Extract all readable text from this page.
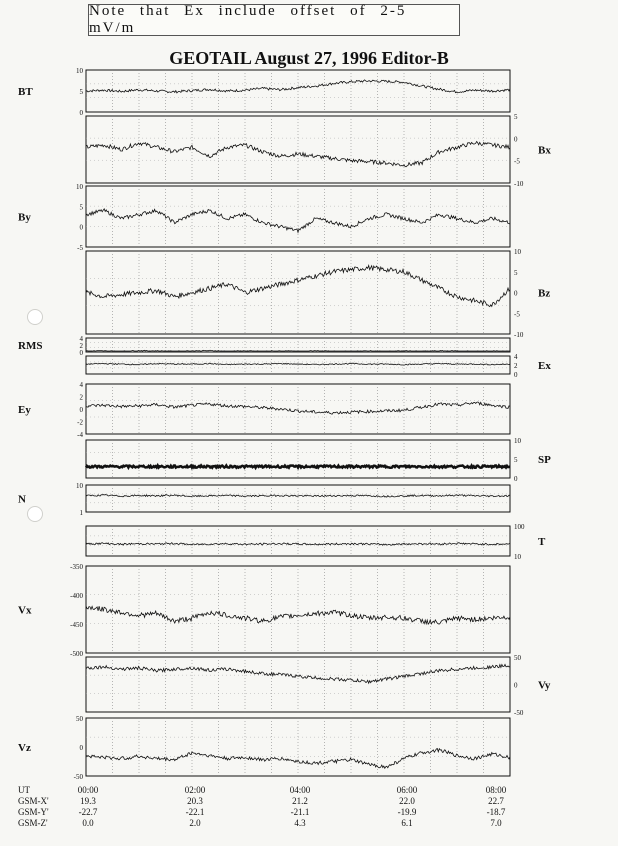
Note that Ex include offset of 2-5 mV/m
GEOTAIL August 27, 1996 Editor-B
10
5
0
BT
5
0
-5
-10
Bx
10
5
0
-5
By
10
5
0
-5
-10
Bz
4
2
0
RMS
4
2
0
Ex
4
2
0
-2
-4
Ey
10
5
0
SP
10
1
N
100
10
T
-350
-400
-450
-500
Vx
50
0
-50
Vy
50
0
-50
Vz
UT
GSM-X'
GSM-Y'
GSM-Z'
00:00
19.3
-22.7
0.0
02:00
20.3
-22.1
2.0
04:00
21.2
-21.1
4.3
06:00
22.0
-19.9
6.1
08:00
22.7
-18.7
7.0
